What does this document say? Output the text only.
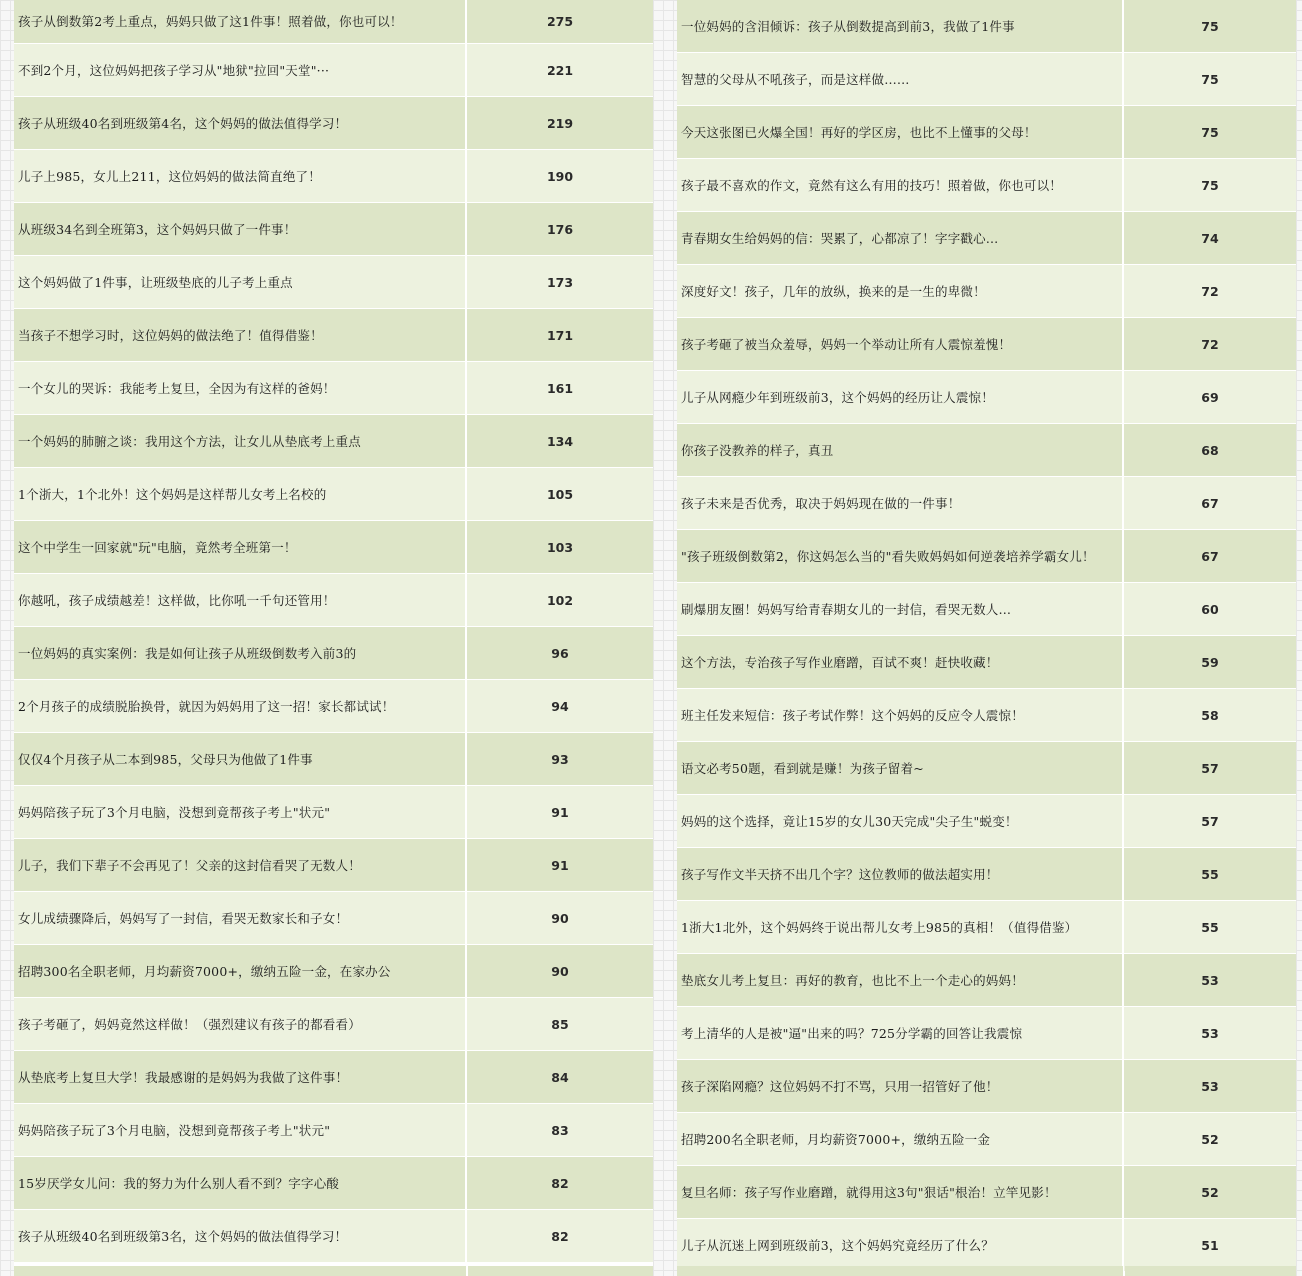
孩子从倒数第2考上重点，妈妈只做了这1件事！照着做，你也可以！	275
不到2个月，这位妈妈把孩子学习从"地狱"拉回"天堂"···	221
孩子从班级40名到班级第4名，这个妈妈的做法值得学习！	219
儿子上985，女儿上211，这位妈妈的做法简直绝了！	190
从班级34名到全班第3，这个妈妈只做了一件事！	176
这个妈妈做了1件事，让班级垫底的儿子考上重点	173
当孩子不想学习时，这位妈妈的做法绝了！值得借鉴！	171
一个女儿的哭诉：我能考上复旦，全因为有这样的爸妈！	161
一个妈妈的肺腑之谈：我用这个方法，让女儿从垫底考上重点	134
1个浙大，1个北外！这个妈妈是这样帮儿女考上名校的	105
这个中学生一回家就"玩"电脑，竟然考全班第一！	103
你越吼，孩子成绩越差！这样做，比你吼一千句还管用！	102
一位妈妈的真实案例：我是如何让孩子从班级倒数考入前3的	96
2个月孩子的成绩脱胎换骨，就因为妈妈用了这一招！家长都试试！	94
仅仅4个月孩子从二本到985，父母只为他做了1件事	93
妈妈陪孩子玩了3个月电脑，没想到竟帮孩子考上"状元"	91
儿子，我们下辈子不会再见了！父亲的这封信看哭了无数人！	91
女儿成绩骤降后，妈妈写了一封信，看哭无数家长和子女！	90
招聘300名全职老师，月均薪资7000+，缴纳五险一金，在家办公	90
孩子考砸了，妈妈竟然这样做！（强烈建议有孩子的都看看）	85
从垫底考上复旦大学！我最感谢的是妈妈为我做了这件事！	84
妈妈陪孩子玩了3个月电脑，没想到竟帮孩子考上"状元"	83
15岁厌学女儿问：我的努力为什么别人看不到？字字心酸	82
孩子从班级40名到班级第3名，这个妈妈的做法值得学习！	82
一位妈妈的含泪倾诉：孩子从倒数提高到前3，我做了1件事	75
智慧的父母从不吼孩子，而是这样做……	75
今天这张图已火爆全国！再好的学区房，也比不上懂事的父母！	75
孩子最不喜欢的作文，竟然有这么有用的技巧！照着做，你也可以！	75
青春期女生给妈妈的信：哭累了，心都凉了！字字戳心…	74
深度好文！孩子，几年的放纵，换来的是一生的卑微！	72
孩子考砸了被当众羞辱，妈妈一个举动让所有人震惊羞愧！	72
儿子从网瘾少年到班级前3，这个妈妈的经历让人震惊！	69
你孩子没教养的样子，真丑	68
孩子未来是否优秀，取决于妈妈现在做的一件事！	67
"孩子班级倒数第2，你这妈怎么当的"看失败妈妈如何逆袭培养学霸女儿！	67
刷爆朋友圈！妈妈写给青春期女儿的一封信，看哭无数人…	60
这个方法，专治孩子写作业磨蹭，百试不爽！赶快收藏！	59
班主任发来短信：孩子考试作弊！这个妈妈的反应令人震惊！	58
语文必考50题，看到就是赚！为孩子留着~	57
妈妈的这个选择，竟让15岁的女儿30天完成"尖子生"蜕变！	57
孩子写作文半天挤不出几个字？这位教师的做法超实用！	55
1浙大1北外，这个妈妈终于说出帮儿女考上985的真相！（值得借鉴）	55
垫底女儿考上复旦：再好的教育，也比不上一个走心的妈妈！	53
考上清华的人是被"逼"出来的吗？725分学霸的回答让我震惊	53
孩子深陷网瘾？这位妈妈不打不骂，只用一招管好了他！	53
招聘200名全职老师，月均薪资7000+，缴纳五险一金	52
复旦名师：孩子写作业磨蹭，就得用这3句"狠话"根治！立竿见影！	52
儿子从沉迷上网到班级前3，这个妈妈究竟经历了什么？	51
